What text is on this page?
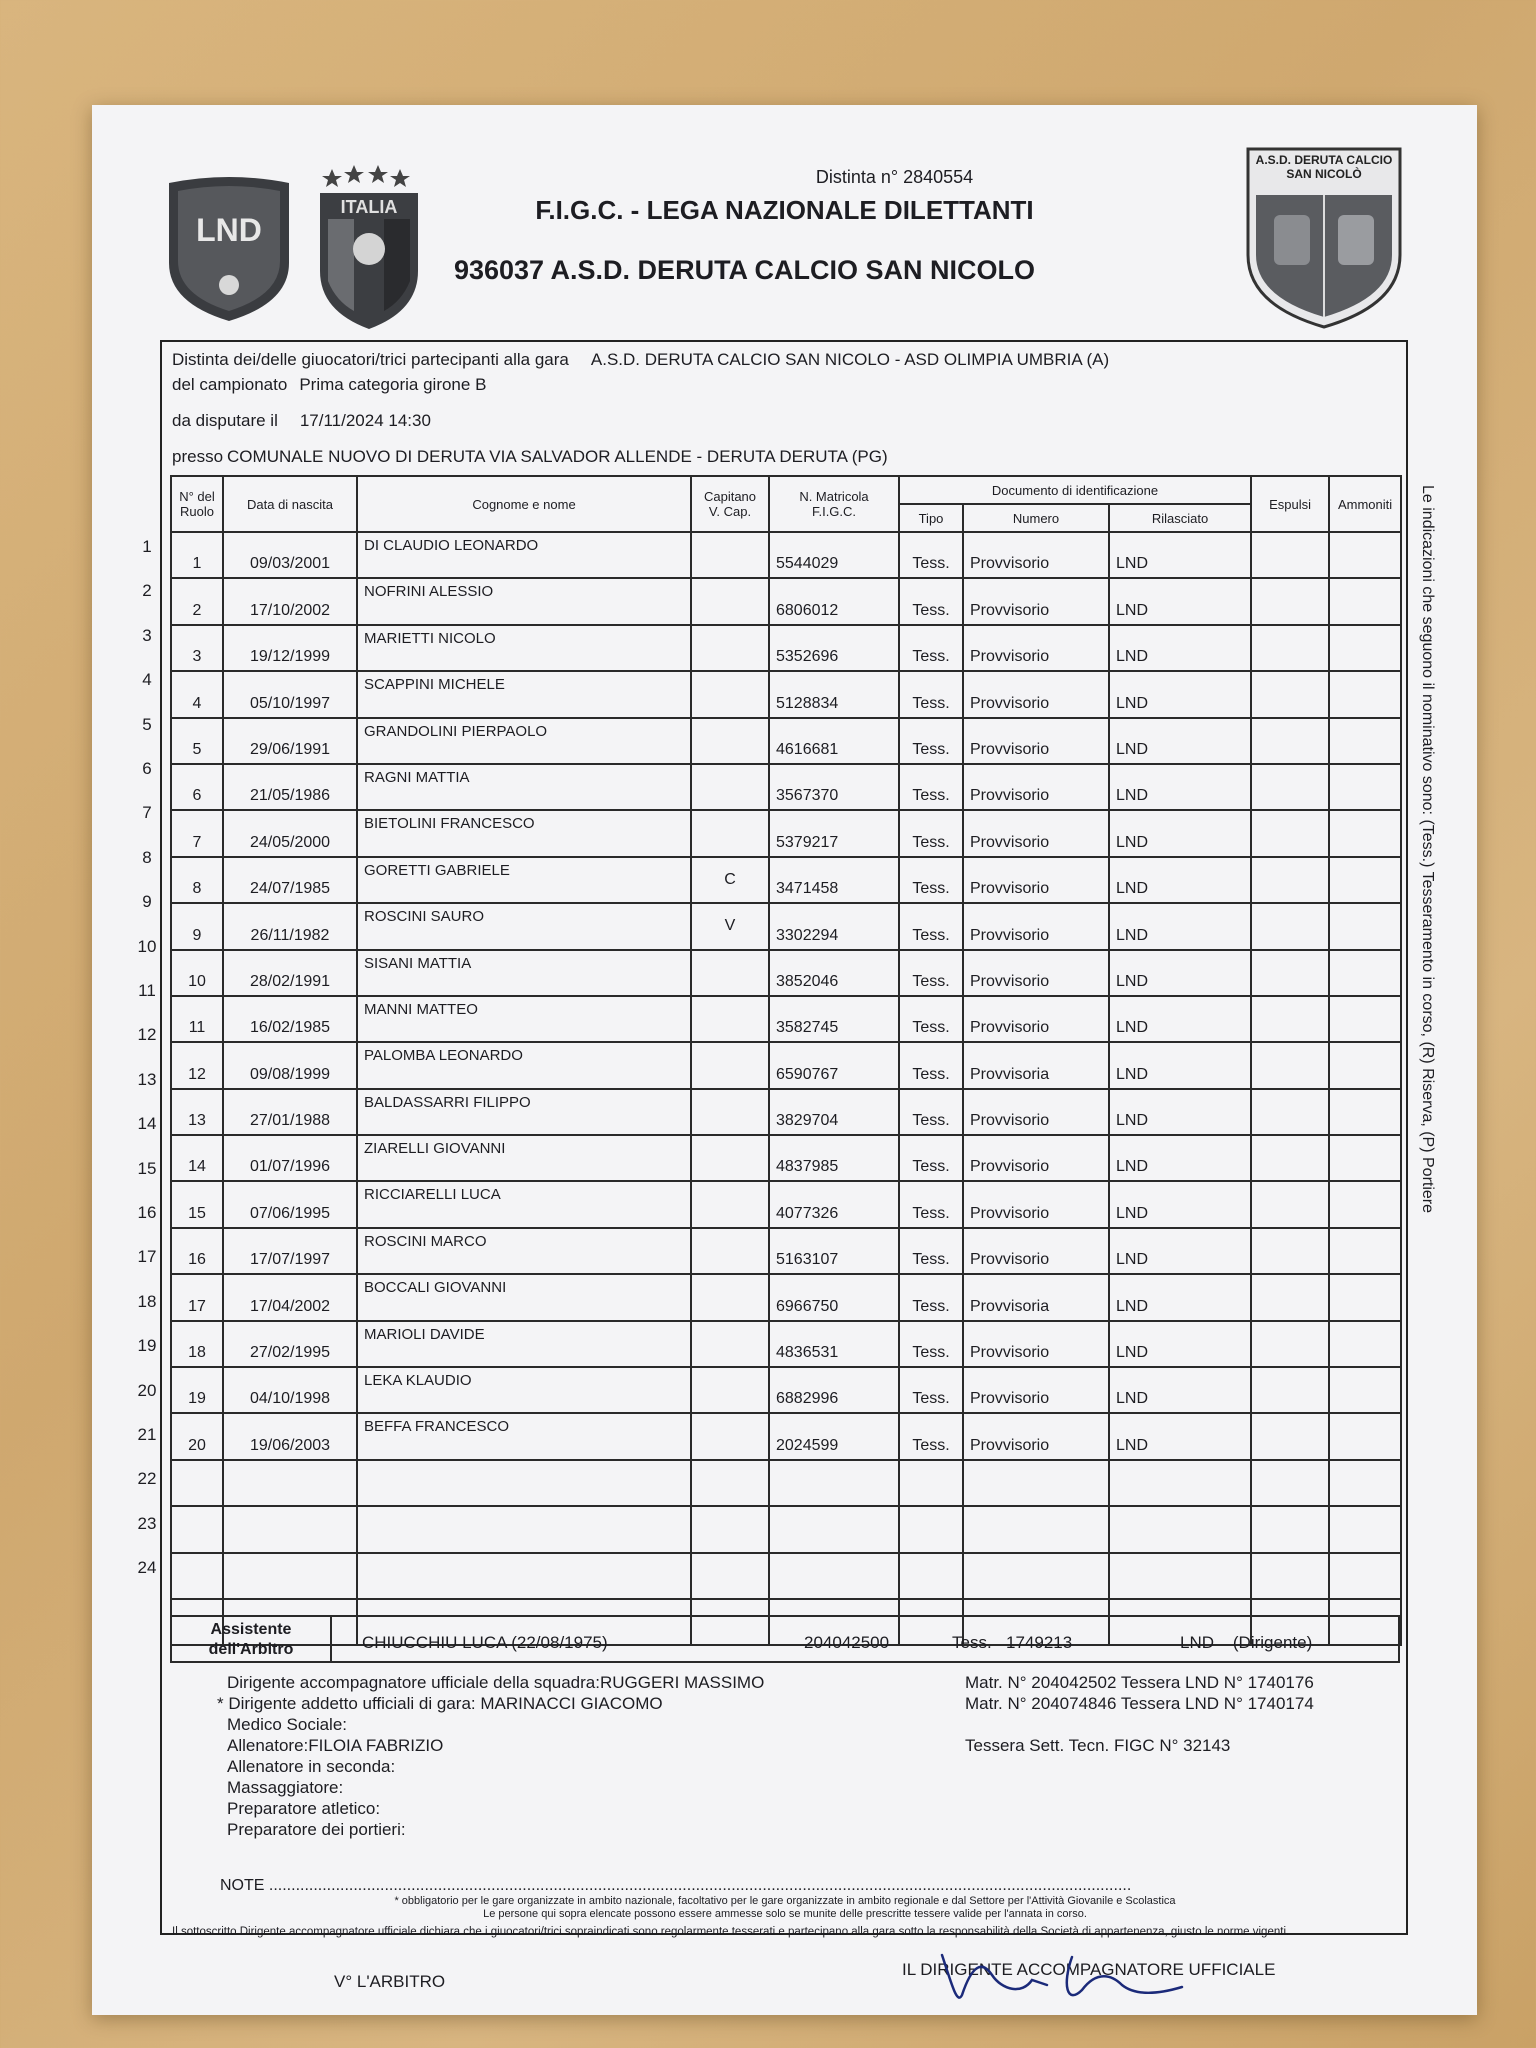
LND
ITALIA
A.S.D. DERUTA CALCIO SAN NICOLÒ
Distinta n° 2840554
F.I.G.C. - LEGA NAZIONALE DILETTANTI
936037 A.S.D. DERUTA CALCIO SAN NICOLO
Distinta dei/delle giuocatori/trici partecipanti alla gara A.S.D. DERUTA CALCIO SAN NICOLO - ASD OLIMPIA UMBRIA (A)
del campionato Prima categoria girone B
da disputare il 17/11/2024 14:30
presso COMUNALE NUOVO DI DERUTA VIA SALVADOR ALLENDE - DERUTA DERUTA (PG)
1
2
3
4
5
6
7
8
9
10
11
12
13
14
15
16
17
18
19
20
21
22
23
24
N° del Ruolo	Data di nascita	Cognome e nome	Capitano V. Cap.	N. Matricola F.I.G.C.	Documento di identificazione			Espulsi	Ammoniti
					Tipo	Numero	Rilasciato		
1	09/03/2001	DI CLAUDIO LEONARDO		5544029	Tess.	Provvisorio	LND		
2	17/10/2002	NOFRINI ALESSIO		6806012	Tess.	Provvisorio	LND		
3	19/12/1999	MARIETTI NICOLO		5352696	Tess.	Provvisorio	LND		
4	05/10/1997	SCAPPINI MICHELE		5128834	Tess.	Provvisorio	LND		
5	29/06/1991	GRANDOLINI PIERPAOLO		4616681	Tess.	Provvisorio	LND		
6	21/05/1986	RAGNI MATTIA		3567370	Tess.	Provvisorio	LND		
7	24/05/2000	BIETOLINI FRANCESCO		5379217	Tess.	Provvisorio	LND		
8	24/07/1985	GORETTI GABRIELE	C	3471458	Tess.	Provvisorio	LND		
9	26/11/1982	ROSCINI SAURO	V	3302294	Tess.	Provvisorio	LND		
10	28/02/1991	SISANI MATTIA		3852046	Tess.	Provvisorio	LND		
11	16/02/1985	MANNI MATTEO		3582745	Tess.	Provvisorio	LND		
12	09/08/1999	PALOMBA LEONARDO		6590767	Tess.	Provvisoria	LND		
13	27/01/1988	BALDASSARRI FILIPPO		3829704	Tess.	Provvisorio	LND		
14	01/07/1996	ZIARELLI GIOVANNI		4837985	Tess.	Provvisorio	LND		
15	07/06/1995	RICCIARELLI LUCA		4077326	Tess.	Provvisorio	LND		
16	17/07/1997	ROSCINI MARCO		5163107	Tess.	Provvisorio	LND		
17	17/04/2002	BOCCALI GIOVANNI		6966750	Tess.	Provvisoria	LND		
18	27/02/1995	MARIOLI DAVIDE		4836531	Tess.	Provvisorio	LND		
19	04/10/1998	LEKA KLAUDIO		6882996	Tess.	Provvisorio	LND		
20	19/06/2003	BEFFA FRANCESCO		2024599	Tess.	Provvisorio	LND		

Assistente dell'Arbitro	CHIUCCHIU LUCA (22/08/1975)	204042500	Tess. 1749213	LND    (Dirigente)
Dirigente accompagnatore ufficiale della squadra:RUGGERI MASSIMO
* Dirigente addetto ufficiali di gara: MARINACCI GIACOMO
Medico Sociale:
Allenatore:FILOIA FABRIZIO
Allenatore in seconda:
Massaggiatore:
Preparatore atletico:
Preparatore dei portieri:
Matr. N° 204042502 Tessera LND N° 1740176
Matr. N° 204074846 Tessera LND N° 1740174
Tessera Sett. Tecn. FIGC N° 32143
NOTE ..................................................................................................................................................................................................
* obbligatorio per le gare organizzate in ambito nazionale, facoltativo per le gare organizzate in ambito regionale e dal Settore per l'Attività Giovanile e Scolastica
Le persone qui sopra elencate possono essere ammesse solo se munite delle prescritte tessere valide per l'annata in corso.
Il sottoscritto Dirigente accompagnatore ufficiale dichiara che i giuocatori/trici sopraindicati sono regolarmente tesserati e partecipano alla gara sotto la responsabilità della Società di appartenenza, giusto le norme vigenti.
V° L'ARBITRO
IL DIRIGENTE ACCOMPAGNATORE UFFICIALE
Le indicazioni che seguono il nominativo sono: (Tess.) Tesseramento in corso, (R) Riserva, (P) Portiere
